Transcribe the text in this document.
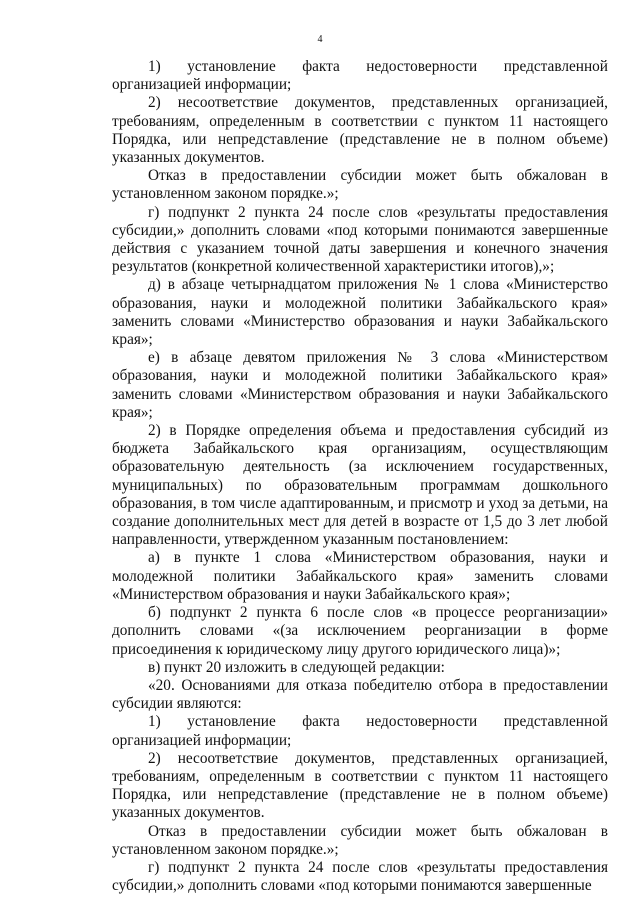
4

1) установление факта недостоверности представленной организацией информации;

2) несоответствие документов, представленных организацией, требованиям, определенным в соответствии с пунктом 11 настоящего Порядка, или непредставление (представление не в полном объеме) указанных документов.

Отказ в предоставлении субсидии может быть обжалован в установленном законом порядке.»;

г) подпункт 2 пункта 24 после слов «результаты предоставления субсидии,» дополнить словами «под которыми понимаются завершенные действия с указанием точной даты завершения и конечного значения результатов (конкретной количественной характеристики итогов),»;

д) в абзаце четырнадцатом приложения № 1 слова «Министерство образования, науки и молодежной политики Забайкальского края» заменить словами «Министерство образования и науки Забайкальского края»;

е) в абзаце девятом приложения № 3 слова «Министерством образования, науки и молодежной политики Забайкальского края» заменить словами «Министерством образования и науки Забайкальского края»;

2) в Порядке определения объема и предоставления субсидий из бюджета Забайкальского края организациям, осуществляющим образовательную деятельность (за исключением государственных, муниципальных) по образовательным программам дошкольного образования, в том числе адаптированным, и присмотр и уход за детьми, на создание дополнительных мест для детей в возрасте от 1,5 до 3 лет любой направленности, утвержденном указанным постановлением:

а) в пункте 1 слова «Министерством образования, науки и молодежной политики Забайкальского края» заменить словами «Министерством образования и науки Забайкальского края»;

б) подпункт 2 пункта 6 после слов «в процессе реорганизации» дополнить словами «(за исключением реорганизации в форме присоединения к юридическому лицу другого юридического лица)»;

в) пункт 20 изложить в следующей редакции:

«20. Основаниями для отказа победителю отбора в предоставлении субсидии являются:

1) установление факта недостоверности представленной организацией информации;

2) несоответствие документов, представленных организацией, требованиям, определенным в соответствии с пунктом 11 настоящего Порядка, или непредставление (представление не в полном объеме) указанных документов.

Отказ в предоставлении субсидии может быть обжалован в установленном законом порядке.»;

г) подпункт 2 пункта 24 после слов «результаты предоставления субсидии,» дополнить словами «под которыми понимаются завершенные
